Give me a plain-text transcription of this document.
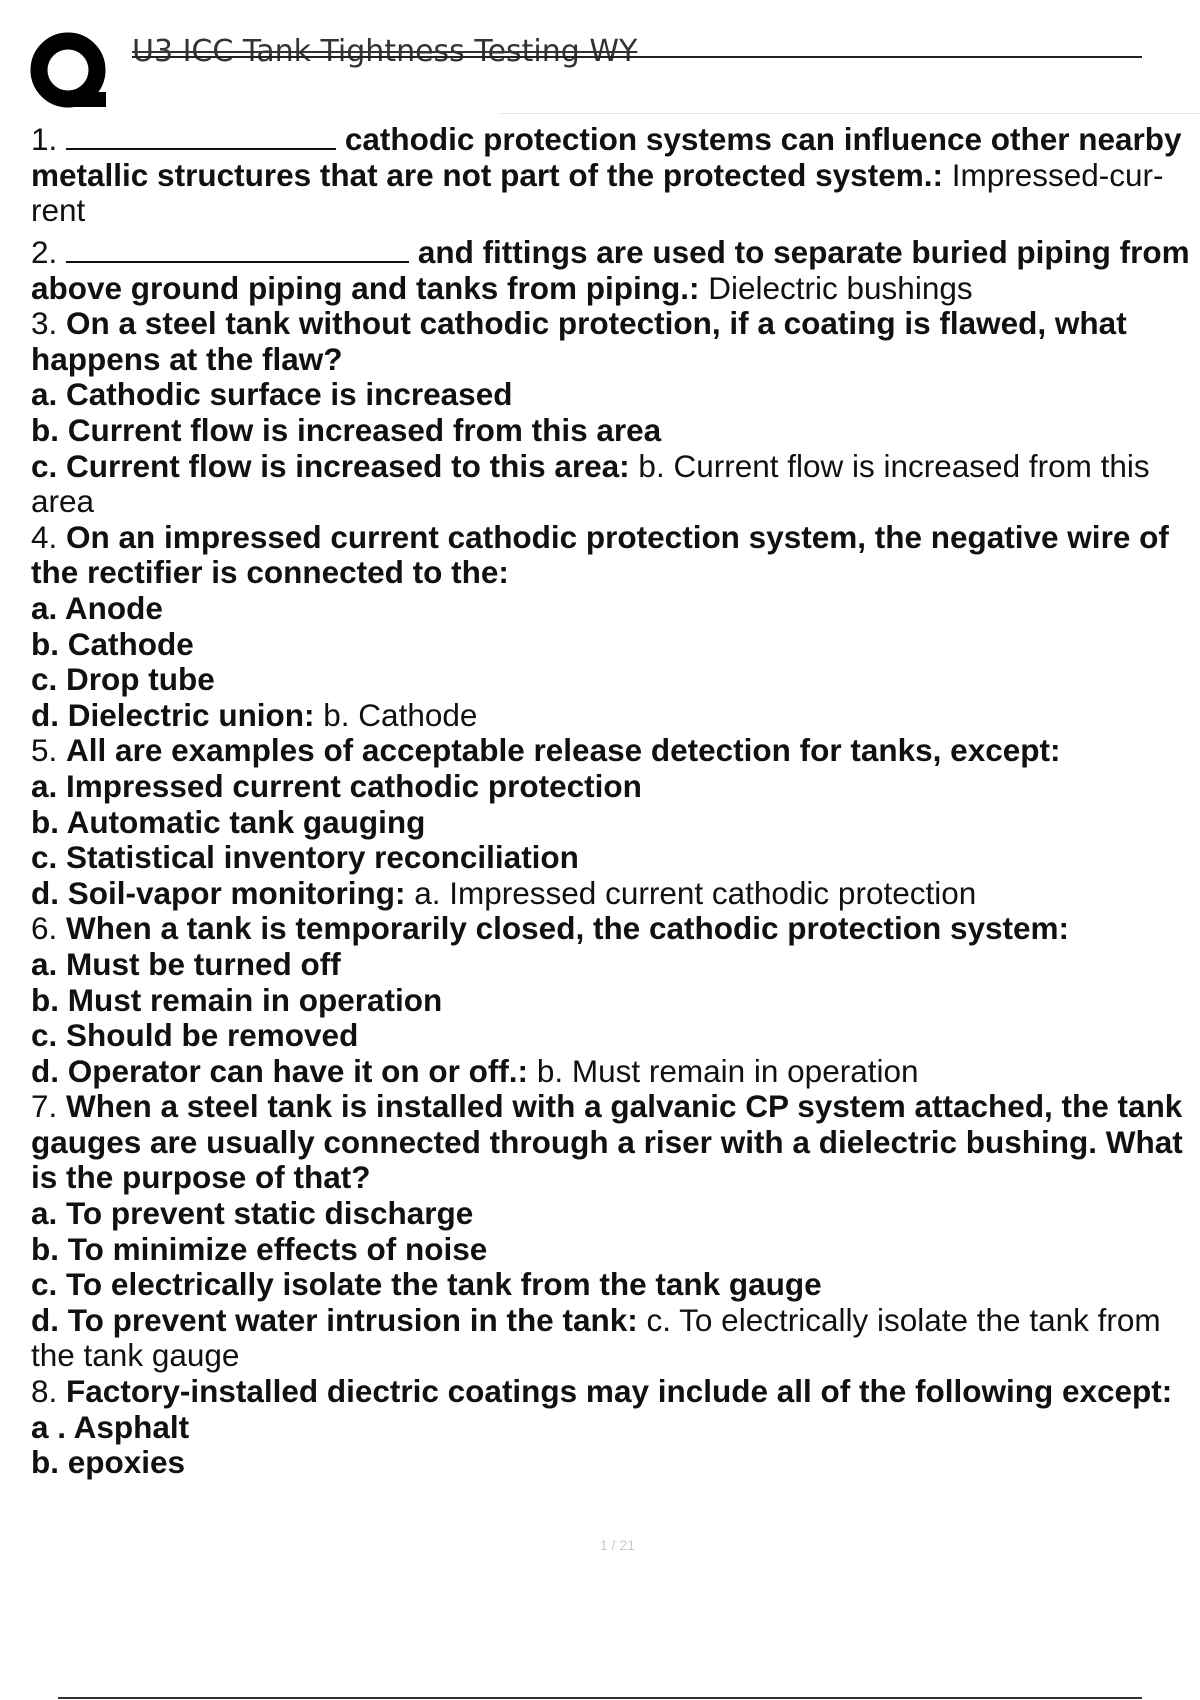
U3 ICC Tank Tightness Testing WY
1.	cathodic protection systems can influence other nearby
metallic structures that are not part of the protected system.: Impressed-cur-
rent
2.	and fittings are used to separate buried piping from
above ground piping and tanks from piping.: Dielectric bushings
3. On a steel tank without cathodic protection, if a coating is flawed, what
happens at the flaw?
a. Cathodic surface is increased
b. Current flow is increased from this area
c. Current flow is increased to this area: b. Current flow is increased from this
area
4. On an impressed current cathodic protection system, the negative wire of
the rectifier is connected to the:
a. Anode
b. Cathode
c. Drop tube
d. Dielectric union: b. Cathode
5. All are examples of acceptable release detection for tanks, except:
a. Impressed current cathodic protection
b. Automatic tank gauging
c. Statistical inventory reconciliation
d. Soil-vapor monitoring: a. Impressed current cathodic protection
6. When a tank is temporarily closed, the cathodic protection system:
a. Must be turned off
b. Must remain in operation
c. Should be removed
d. Operator can have it on or off.: b. Must remain in operation
7. When a steel tank is installed with a galvanic CP system attached, the tank
gauges are usually connected through a riser with a dielectric bushing. What
is the purpose of that?
a. To prevent static discharge
b. To minimize effects of noise
c. To electrically isolate the tank from the tank gauge
d. To prevent water intrusion in the tank: c. To electrically isolate the tank from
the tank gauge
8. Factory-installed diectric coatings may include all of the following except:
a . Asphalt
b. epoxies
1 / 21
